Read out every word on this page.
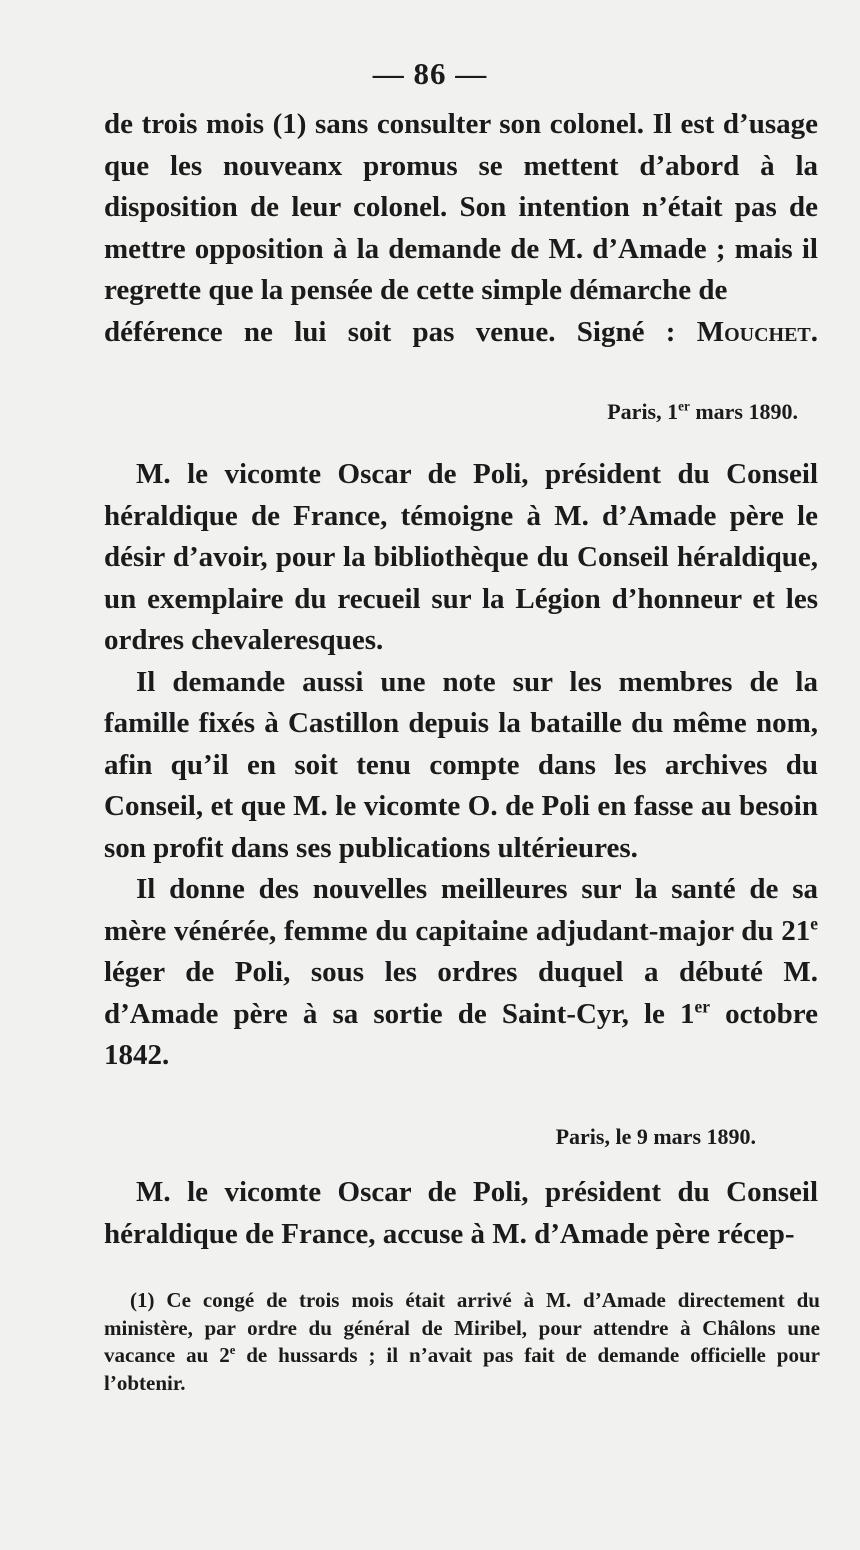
— 86 —

de trois mois (1) sans consulter son colonel. Il est d’usage que les nouveanx promus se mettent d’abord à la disposition de leur colonel. Son intention n’était pas de mettre opposition à la demande de M. d’Amade ; mais il regrette que la pensée de cette simple démarche de

déférence ne lui soit pas venue. Signé : Mouchet.

Paris, 1er mars 1890.

M. le vicomte Oscar de Poli, président du Conseil héraldique de France, témoigne à M. d’Amade père le désir d’avoir, pour la bibliothèque du Conseil héraldique, un exemplaire du recueil sur la Légion d’honneur et les ordres chevaleresques.

Il demande aussi une note sur les membres de la famille fixés à Castillon depuis la bataille du même nom, afin qu’il en soit tenu compte dans les archives du Conseil, et que M. le vicomte O. de Poli en fasse au besoin son profit dans ses publications ultérieures.

Il donne des nouvelles meilleures sur la santé de sa mère vénérée, femme du capitaine adjudant-major du 21e léger de Poli, sous les ordres duquel a débuté M. d’Amade père à sa sortie de Saint-Cyr, le 1er octobre 1842.

Paris, le 9 mars 1890.

M. le vicomte Oscar de Poli, président du Conseil héraldique de France, accuse à M. d’Amade père récep-

(1) Ce congé de trois mois était arrivé à M. d’Amade directement du ministère, par ordre du général de Miribel, pour attendre à Châlons une vacance au 2e de hussards ; il n’avait pas fait de demande officielle pour l’obtenir.
